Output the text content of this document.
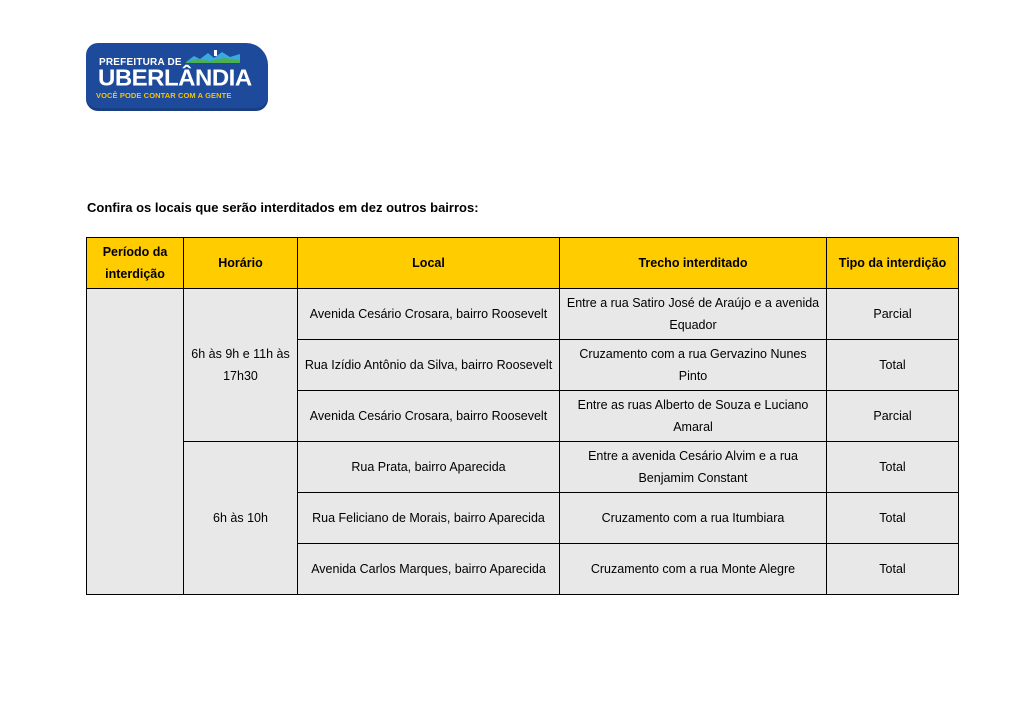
PREFEITURA DE
UBERLÂNDIA
VOCÊ PODE CONTAR COM A GENTE
Confira os locais que serão interditados em dez outros bairros:
Período da interdição	Horário	Local	Trecho interditado	Tipo da interdição
	6h às 9h e 11h às 17h30	Avenida Cesário Crosara, bairro Roosevelt	Entre a rua Satiro José de Araújo e a avenida Equador	Parcial
		Rua Izídio Antônio da Silva, bairro Roosevelt	Cruzamento com a rua Gervazino Nunes Pinto	Total
		Avenida Cesário Crosara, bairro Roosevelt	Entre as ruas Alberto de Souza e Luciano Amaral	Parcial
	6h às 10h	Rua Prata, bairro Aparecida	Entre a avenida Cesário Alvim e a rua Benjamim Constant	Total
		Rua Feliciano de Morais, bairro Aparecida	Cruzamento com a rua Itumbiara	Total
		Avenida Carlos Marques, bairro Aparecida	Cruzamento com a rua Monte Alegre	Total
